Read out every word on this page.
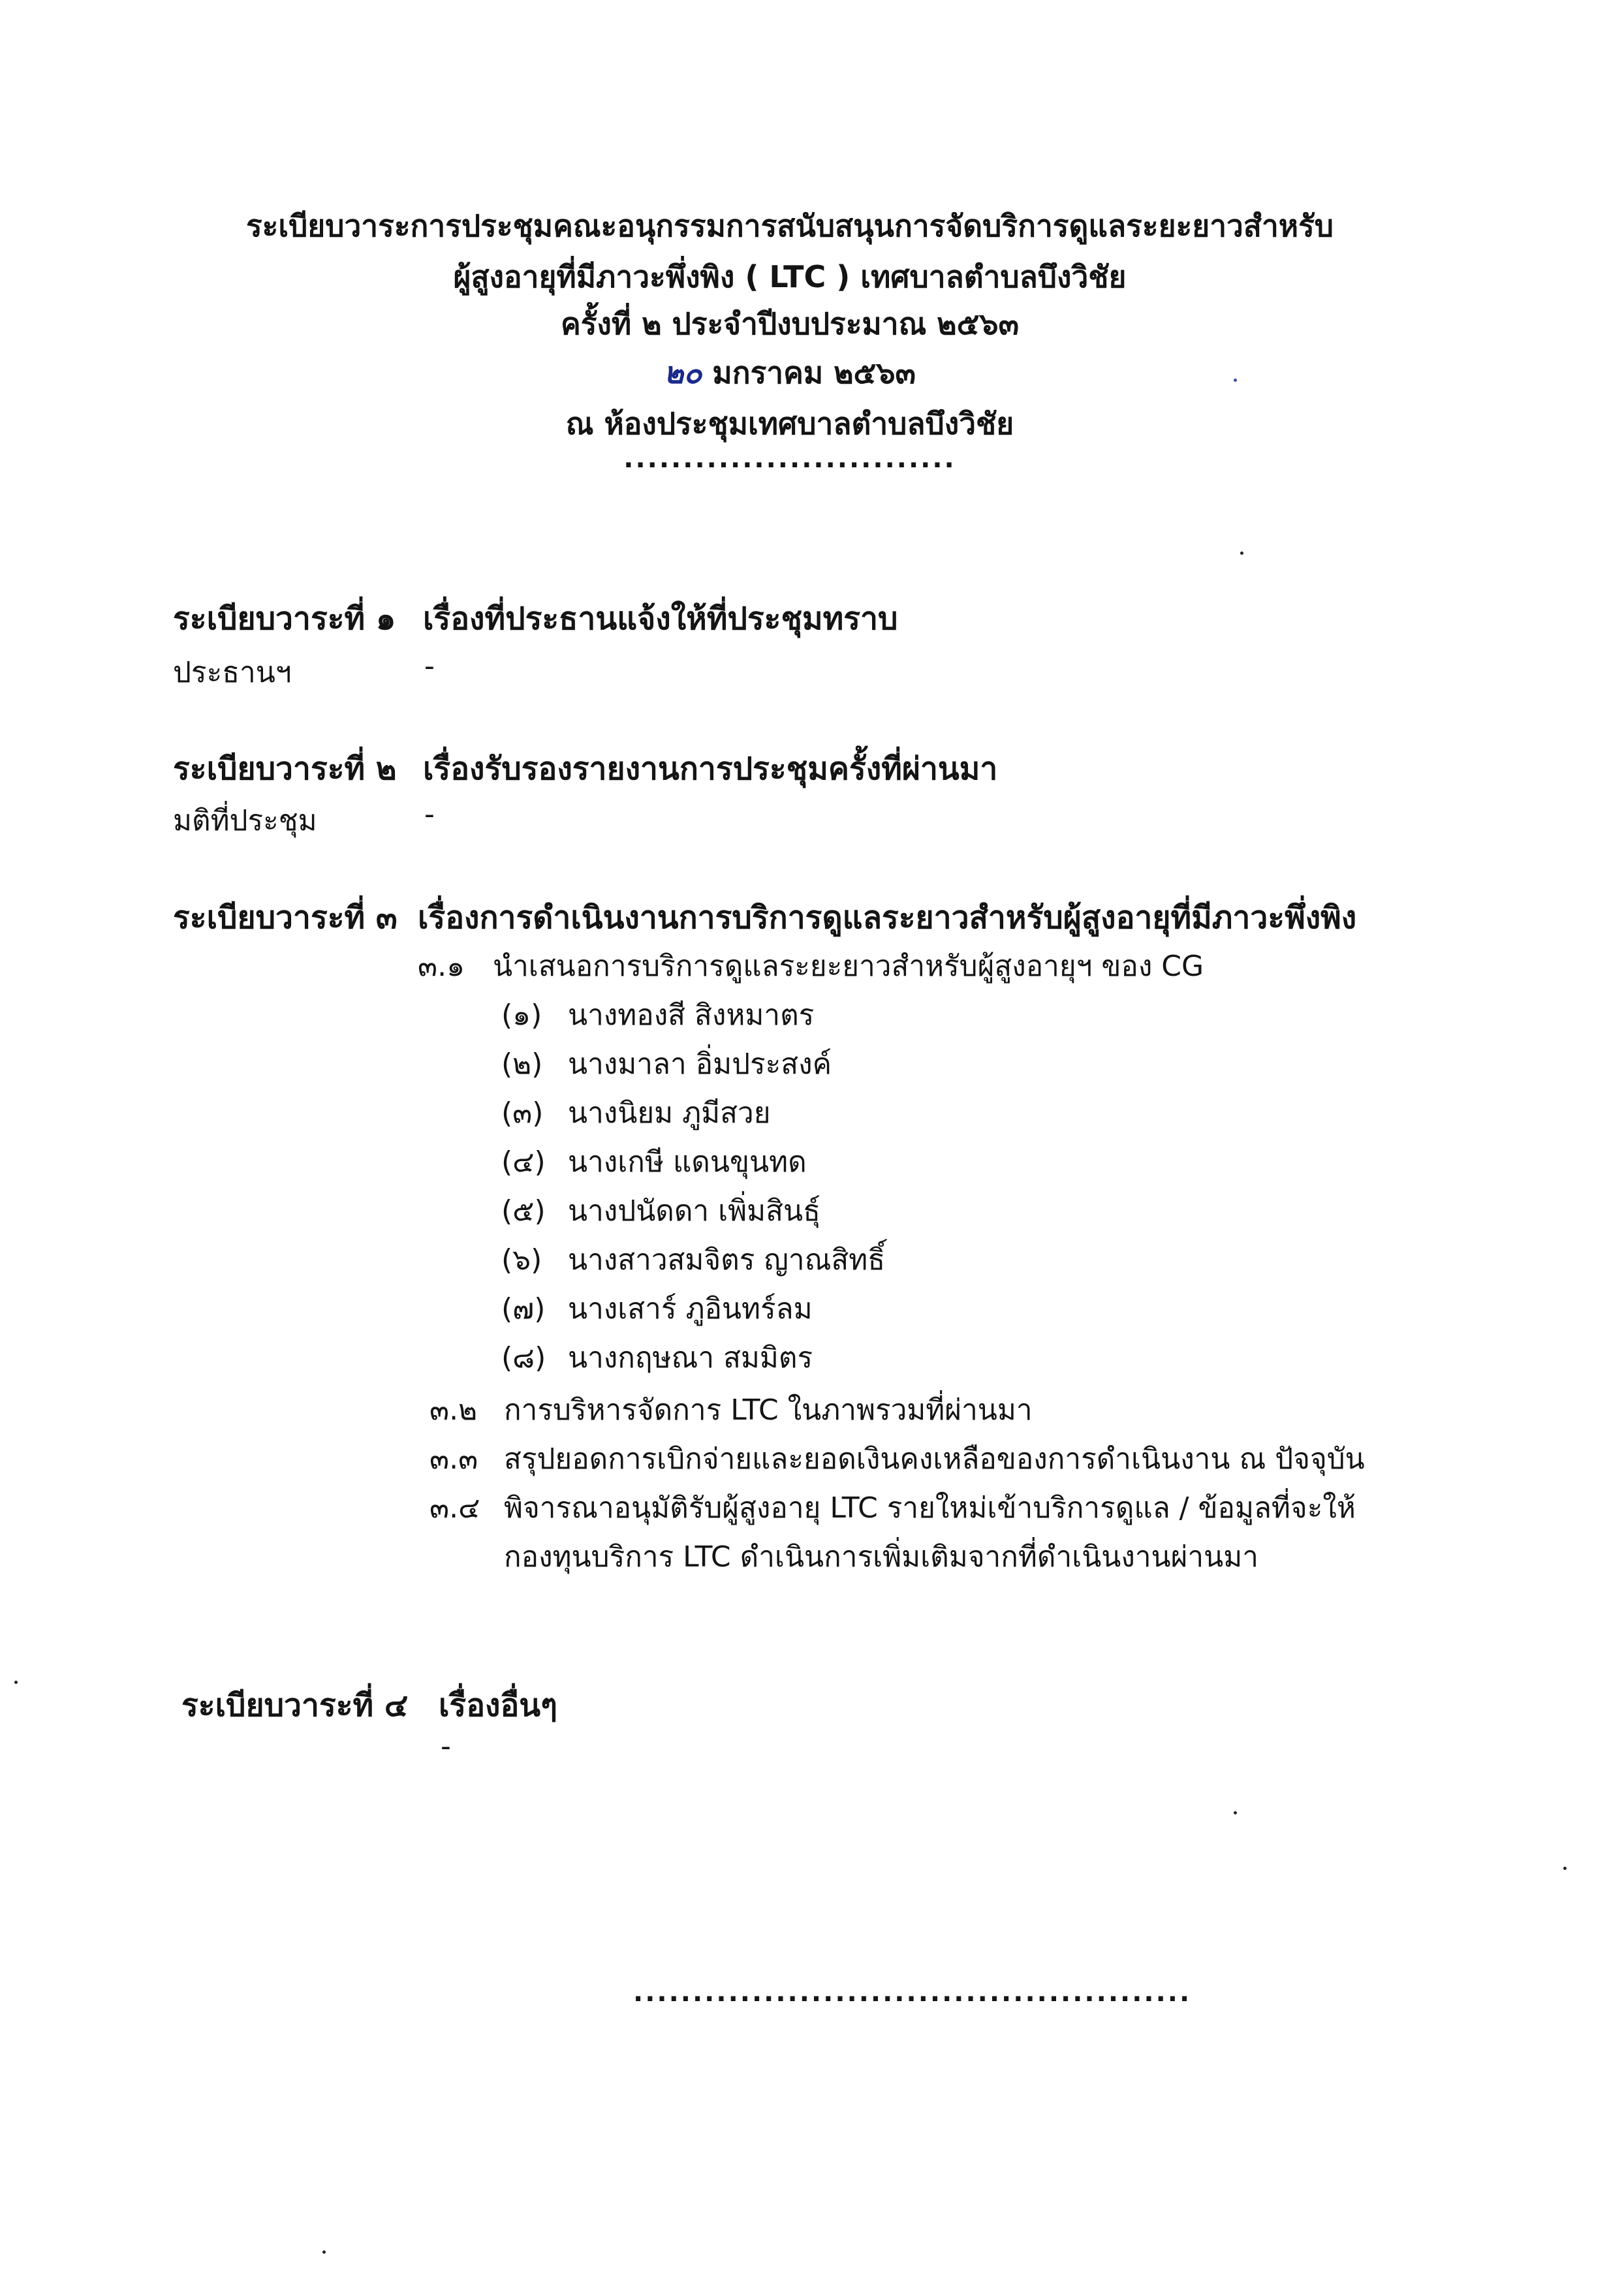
ระเบียบวาระการประชุมคณะอนุกรรมการสนับสนุนการจัดบริการดูแลระยะยาวสำหรับ
ผู้สูงอายุที่มีภาวะพึ่งพิง ( LTC ) เทศบาลตำบลบึงวิชัย
ครั้งที่ ๒ ประจำปีงบประมาณ ๒๕๖๓
๒๐ มกราคม ๒๕๖๓
ณ ห้องประชุมเทศบาลตำบลบึงวิชัย
............................
ระเบียบวาระที่ ๑ เรื่องที่ประธานแจ้งให้ที่ประชุมทราบ
ประธานฯ	-
ระเบียบวาระที่ ๒ เรื่องรับรองรายงานการประชุมครั้งที่ผ่านมา
มติที่ประชุม	-
ระเบียบวาระที่ ๓ เรื่องการดำเนินงานการบริการดูแลระยาวสำหรับผู้สูงอายุที่มีภาวะพึ่งพิง
๓.๑ นำเสนอการบริการดูแลระยะยาวสำหรับผู้สูงอายุฯ ของ CG
(๑) นางทองสี สิงหมาตร
(๒) นางมาลา อิ่มประสงค์
(๓) นางนิยม ภูมีสวย
(๔) นางเกษี แดนขุนทด
(๕) นางปนัดดา เพิ่มสินธุ์
(๖) นางสาวสมจิตร ญาณสิทธิ์
(๗) นางเสาร์ ภูอินทร์ลม
(๘) นางกฤษณา สมมิตร
๓.๒ การบริหารจัดการ LTC ในภาพรวมที่ผ่านมา
๓.๓ สรุปยอดการเบิกจ่ายและยอดเงินคงเหลือของการดำเนินงาน ณ ปัจจุบัน
๓.๔ พิจารณาอนุมัติรับผู้สูงอายุ LTC รายใหม่เข้าบริการดูแล / ข้อมูลที่จะให้
กองทุนบริการ LTC ดำเนินการเพิ่มเติมจากที่ดำเนินงานผ่านมา
ระเบียบวาระที่ ๔ เรื่องอื่นๆ
-
...............................................
